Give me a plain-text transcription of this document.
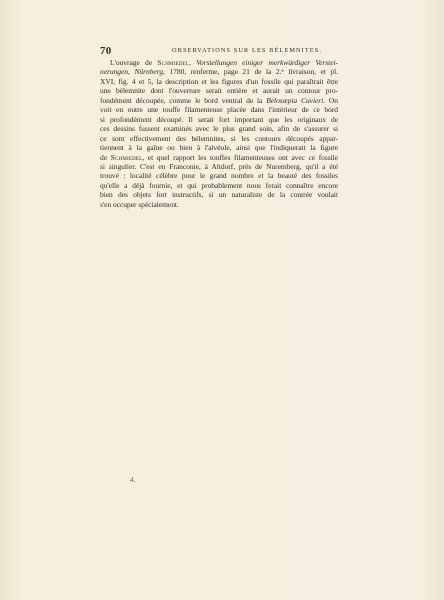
70	OBSERVATIONS SUR LES BÉLEMNITES.
L'ouvrage de Schmiedel, Vorstellungen einiger merkwürdiger Verstei-
nerungen, Nürnberg, 1780, renferme, page 21 de la 2.$^e$ livraison, et pl.
XVI, fig. 4 et 5, la description et les figures d'un fossile qui paraîtrait être
une bélemnite dont l'ouverture serait entière et aurait un contour pro-
fondément découpée, comme le bord ventral de la Belosœpia Cuvieri. On
voit en outre une touffe filamenteuse placée dans l'intérieur de ce bord
si profondément découpé. Il serait fort important que les originaux de
ces dessins fussent examinés avec le plus grand soin, afin de s'assurer si
ce sont effectivement des bélemnites, si les contours découpés appar-
tiennent à la gaîne ou bien à l'alvéole, ainsi que l'indiquerait la figure
de Schmiedel, et quel rapport les touffes filamenteuses ont avec ce fossile
si singulier. C'est en Franconie, à Altdorf, près de Nuremberg, qu'il a été
trouvé : localité célèbre pour le grand nombre et la beauté des fossiles
qu'elle a déjà fournie, et qui probablement nous ferait connaître encore
bien des objets fort instructifs, si un naturaliste de la contrée voulait
s'en occuper spécialement.
4.
